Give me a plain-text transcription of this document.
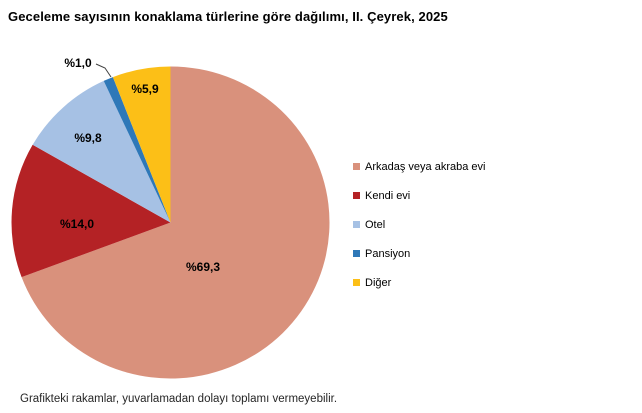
Geceleme sayısının konaklama türlerine göre dağılımı, II. Çeyrek, 2025
%69,3
%14,0
%9,8
%1,0
%5,9
Arkadaş veya akraba evi
Kendi evi
Otel
Pansiyon
Diğer
Grafikteki rakamlar, yuvarlamadan dolayı toplamı vermeyebilir.
